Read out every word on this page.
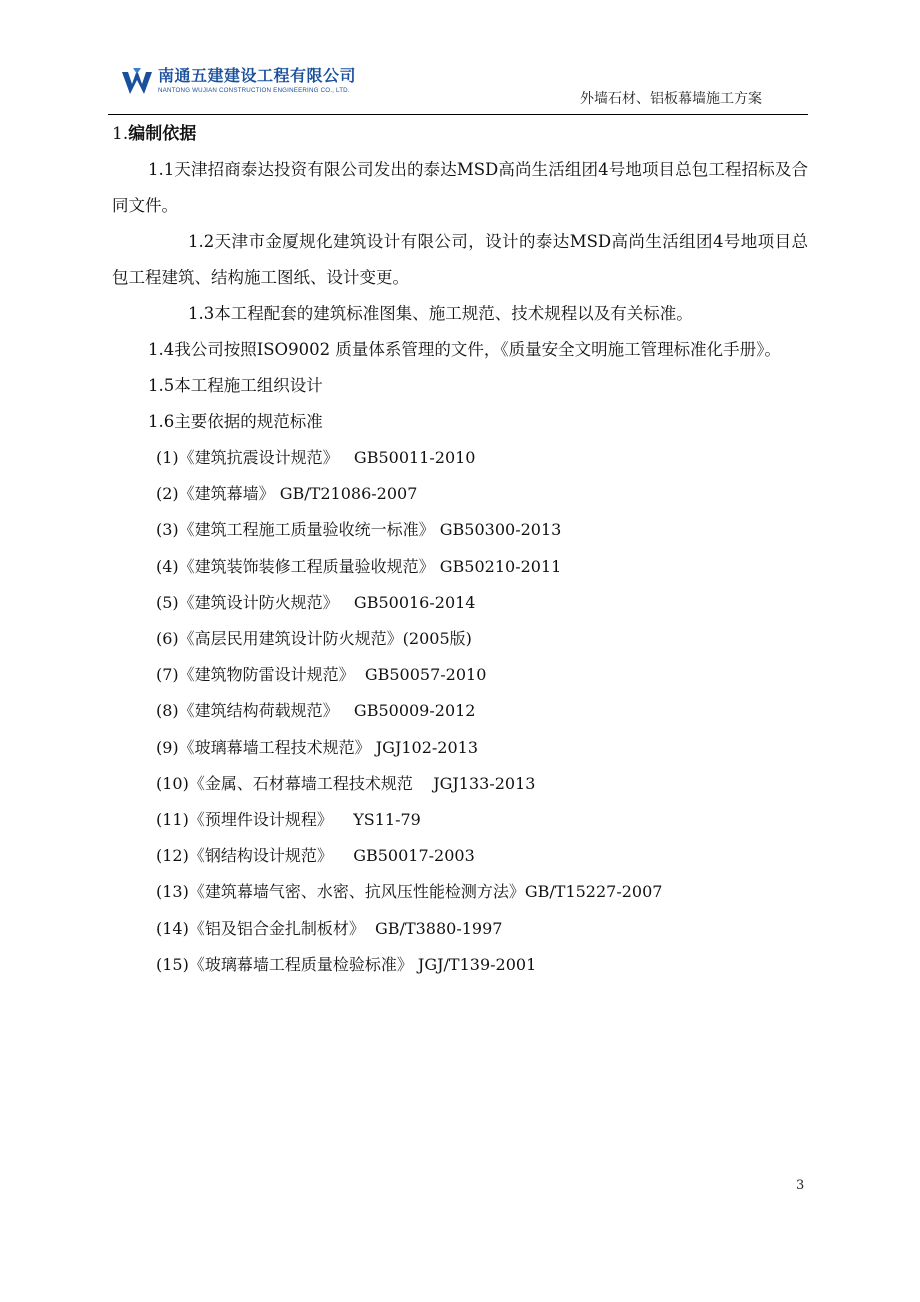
南通五建建设工程有限公司
NANTONG WUJIAN CONSTRUCTION ENGINEERING CO., LTD.
外墙石材、铝板幕墙施工方案

1.编制依据

1.1天津招商泰达投资有限公司发出的泰达MSD高尚生活组团4号地项目总包工程招标及合同文件。

1.2天津市金厦规化建筑设计有限公司，设计的泰达MSD高尚生活组团4号地项目总包工程建筑、结构施工图纸、设计变更。

1.3本工程配套的建筑标准图集、施工规范、技术规程以及有关标准。

1.4我公司按照ISO9002 质量体系管理的文件，《质量安全文明施工管理标准化手册》。

1.5本工程施工组织设计

1.6主要依据的规范标准

(1)《建筑抗震设计规范》   GB50011-2010

(2)《建筑幕墙》 GB/T21086-2007

(3)《建筑工程施工质量验收统一标准》 GB50300-2013

(4)《建筑装饰装修工程质量验收规范》 GB50210-2011

(5)《建筑设计防火规范》   GB50016-2014

(6)《高层民用建筑设计防火规范》(2005版)

(7)《建筑物防雷设计规范》  GB50057-2010

(8)《建筑结构荷载规范》   GB50009-2012

(9)《玻璃幕墙工程技术规范》 JGJ102-2013

(10)《金属、石材幕墙工程技术规范    JGJ133-2013

(11)《预埋件设计规程》    YS11-79

(12)《钢结构设计规范》    GB50017-2003

(13)《建筑幕墙气密、水密、抗风压性能检测方法》GB/T15227-2007

(14)《铝及铝合金扎制板材》  GB/T3880-1997

(15)《玻璃幕墙工程质量检验标准》 JGJ/T139-2001

3
